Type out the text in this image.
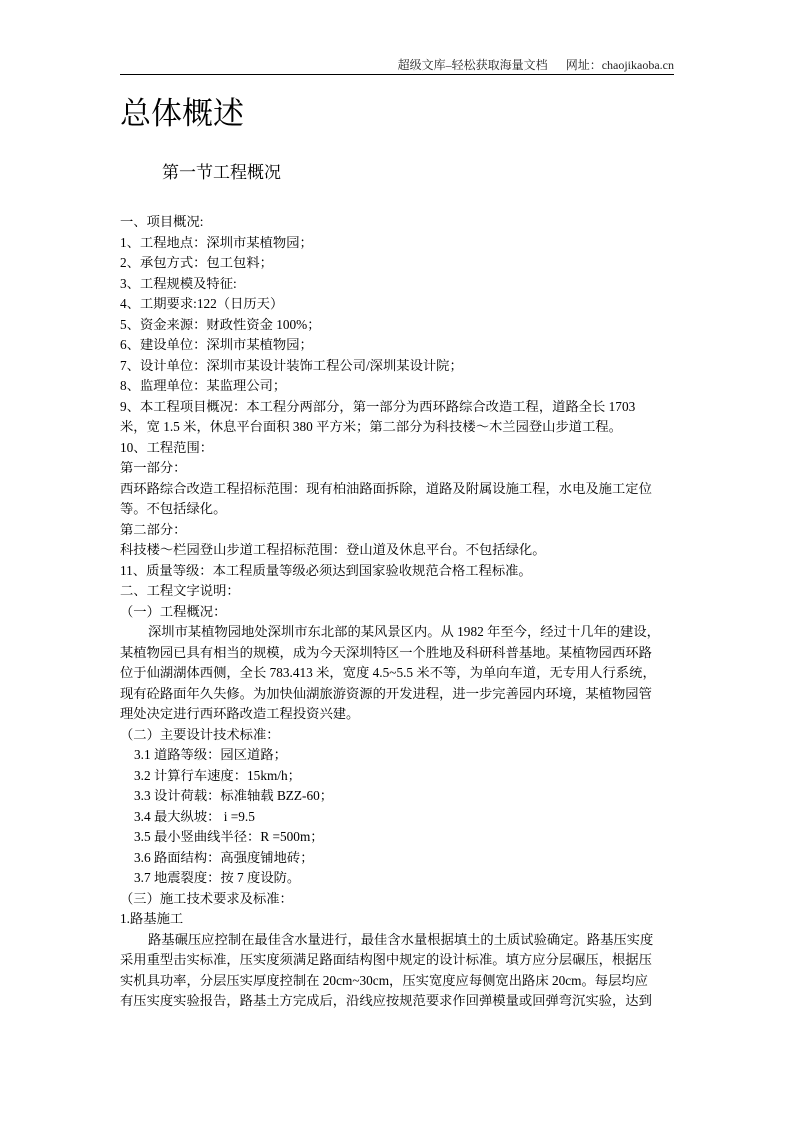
超级文库–轻松获取海量文档 网址：chaojikaoba.cn
总体概述
第一节工程概况
一、项目概况:
1、工程地点：深圳市某植物园；
2、承包方式：包工包料；
3、工程规模及特征:
4、工期要求:122（日历天）
5、资金来源：财政性资金 100%；
6、建设单位：深圳市某植物园；
7、设计单位：深圳市某设计装饰工程公司/深圳某设计院；
8、监理单位：某监理公司；
9、本工程项目概况：本工程分两部分，第一部分为西环路综合改造工程，道路全长 1703
米，宽 1.5 米，休息平台面积 380 平方米；第二部分为科技楼～木兰园登山步道工程。
10、工程范围：
第一部分：
西环路综合改造工程招标范围：现有柏油路面拆除，道路及附属设施工程，水电及施工定位
等。不包括绿化。
第二部分：
科技楼～栏园登山步道工程招标范围：登山道及休息平台。不包括绿化。
11、质量等级：本工程质量等级必须达到国家验收规范合格工程标准。
二、工程文字说明：
（一）工程概况：
深圳市某植物园地处深圳市东北部的某风景区内。从 1982 年至今，经过十几年的建设，
某植物园已具有相当的规模，成为今天深圳特区一个胜地及科研科普基地。某植物园西环路
位于仙湖湖体西侧，全长 783.413 米，宽度 4.5~5.5 米不等，为单向车道，无专用人行系统，
现有砼路面年久失修。为加快仙湖旅游资源的开发进程，进一步完善园内环境，某植物园管
理处决定进行西环路改造工程投资兴建。
（二）主要设计技术标准：
3.1 道路等级：园区道路；
3.2 计算行车速度：15km/h；
3.3 设计荷载：标准轴载 BZZ-60；
3.4 最大纵坡： i =9.5
3.5 最小竖曲线半径：R =500m；
3.6 路面结构：高强度铺地砖；
3.7 地震裂度：按 7 度设防。
（三）施工技术要求及标准：
1.路基施工
路基碾压应控制在最佳含水量进行，最佳含水量根据填土的土质试验确定。路基压实度
采用重型击实标准，压实度须满足路面结构图中规定的设计标准。填方应分层碾压，根据压
实机具功率，分层压实厚度控制在 20cm~30cm，压实宽度应每侧宽出路床 20cm。每层均应
有压实度实验报告，路基土方完成后，沿线应按规范要求作回弹模量或回弹弯沉实验，达到
